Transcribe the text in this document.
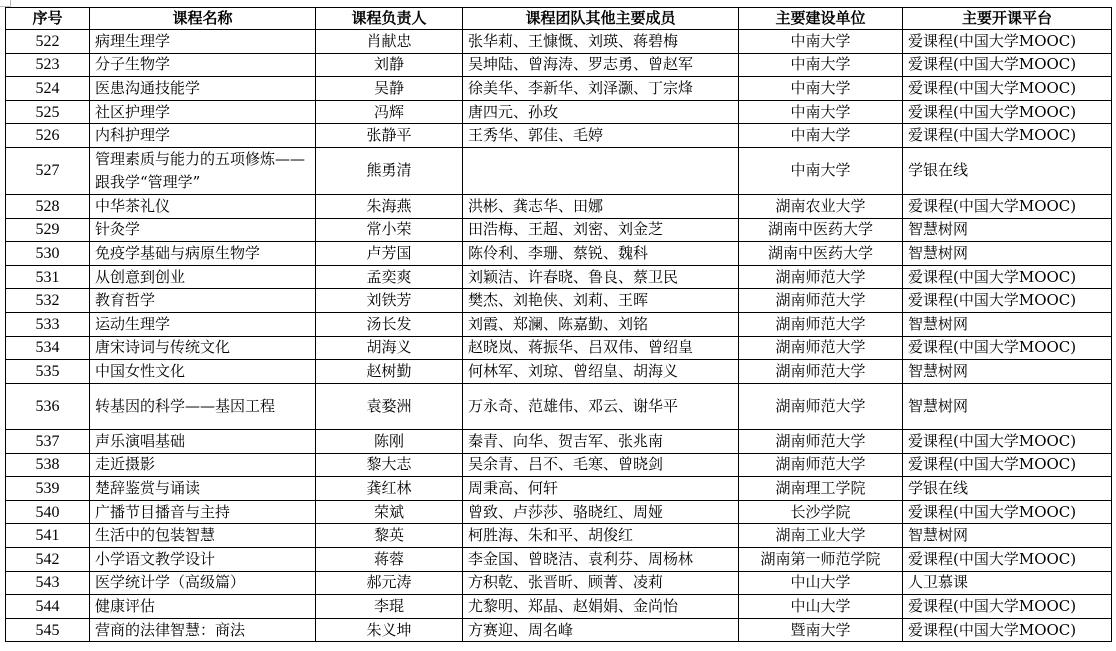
序号	课程名称	课程负责人	课程团队其他主要成员	主要建设单位	主要开课平台
522	病理生理学	肖献忠	张华莉、王慷慨、刘瑛、蒋碧梅	中南大学	爱课程(中国大学MOOC)
523	分子生物学	刘静	吴坤陆、曾海涛、罗志勇、曾赵军	中南大学	爱课程(中国大学MOOC)
524	医患沟通技能学	吴静	徐美华、李新华、刘泽灏、丁宗烽	中南大学	爱课程(中国大学MOOC)
525	社区护理学	冯辉	唐四元、孙玫	中南大学	爱课程(中国大学MOOC)
526	内科护理学	张静平	王秀华、郭佳、毛婷	中南大学	爱课程(中国大学MOOC)
527	管理素质与能力的五项修炼——跟我学“管理学”	熊勇清		中南大学	学银在线
528	中华茶礼仪	朱海燕	洪彬、龚志华、田娜	湖南农业大学	爱课程(中国大学MOOC)
529	针灸学	常小荣	田浩梅、王超、刘密、刘金芝	湖南中医药大学	智慧树网
530	免疫学基础与病原生物学	卢芳国	陈伶利、李珊、蔡锐、魏科	湖南中医药大学	智慧树网
531	从创意到创业	孟奕爽	刘颖洁、许春晓、鲁良、蔡卫民	湖南师范大学	爱课程(中国大学MOOC)
532	教育哲学	刘铁芳	樊杰、刘艳侠、刘莉、王晖	湖南师范大学	爱课程(中国大学MOOC)
533	运动生理学	汤长发	刘霞、郑澜、陈嘉勤、刘铭	湖南师范大学	智慧树网
534	唐宋诗词与传统文化	胡海义	赵晓岚、蒋振华、吕双伟、曾绍皇	湖南师范大学	爱课程(中国大学MOOC)
535	中国女性文化	赵树勤	何林军、刘琼、曾绍皇、胡海义	湖南师范大学	智慧树网
536	转基因的科学——基因工程	袁婺洲	万永奇、范雄伟、邓云、谢华平	湖南师范大学	智慧树网
537	声乐演唱基础	陈刚	秦青、向华、贺吉军、张兆南	湖南师范大学	爱课程(中国大学MOOC)
538	走近摄影	黎大志	吴余青、吕不、毛寒、曾晓剑	湖南师范大学	爱课程(中国大学MOOC)
539	楚辞鉴赏与诵读	龚红林	周秉高、何轩	湖南理工学院	学银在线
540	广播节目播音与主持	荣斌	曾致、卢莎莎、骆晓红、周娅	长沙学院	爱课程(中国大学MOOC)
541	生活中的包装智慧	黎英	柯胜海、朱和平、胡俊红	湖南工业大学	智慧树网
542	小学语文教学设计	蒋蓉	李金国、曾晓洁、袁利芬、周杨林	湖南第一师范学院	爱课程(中国大学MOOC)
543	医学统计学（高级篇）	郝元涛	方积乾、张晋昕、顾菁、凌莉	中山大学	人卫慕课
544	健康评估	李琨	尤黎明、郑晶、赵娟娟、金尚怡	中山大学	爱课程(中国大学MOOC)
545	营商的法律智慧：商法	朱义坤	方赛迎、周名峰	暨南大学	爱课程(中国大学MOOC)
